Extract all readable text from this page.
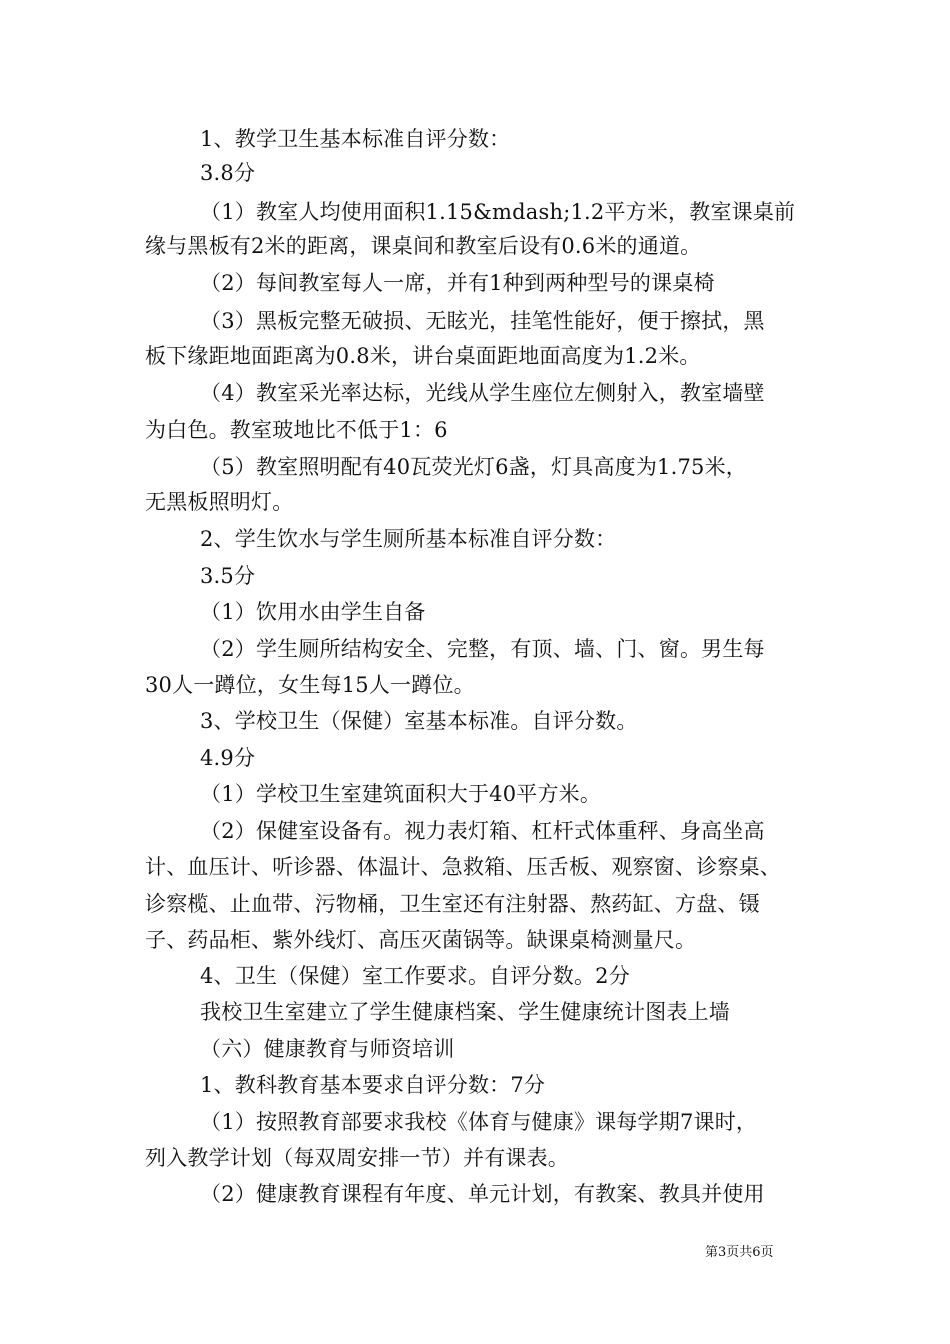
1、教学卫生基本标准自评分数：
3.8分
（1）教室人均使用面积1.15&mdash;1.2平方米，教室课桌前
缘与黑板有2米的距离，课桌间和教室后设有0.6米的通道。
（2）每间教室每人一席，并有1种到两种型号的课桌椅
（3）黑板完整无破损、无眩光，挂笔性能好，便于擦拭，黑
板下缘距地面距离为0.8米，讲台桌面距地面高度为1.2米。
（4）教室采光率达标，光线从学生座位左侧射入，教室墙壁
为白色。教室玻地比不低于1：6
（5）教室照明配有40瓦荧光灯6盏，灯具高度为1.75米，
无黑板照明灯。
2、学生饮水与学生厕所基本标准自评分数：
3.5分
（1）饮用水由学生自备
（2）学生厕所结构安全、完整，有顶、墙、门、窗。男生每
30人一蹲位，女生每15人一蹲位。
3、学校卫生（保健）室基本标准。自评分数。
4.9分
（1）学校卫生室建筑面积大于40平方米。
（2）保健室设备有。视力表灯箱、杠杆式体重秤、身高坐高
计、血压计、听诊器、体温计、急救箱、压舌板、观察窗、诊察桌、
诊察榄、止血带、污物桶，卫生室还有注射器、熬药缸、方盘、镊
子、药品柜、紫外线灯、高压灭菌锅等。缺课桌椅测量尺。
4、卫生（保健）室工作要求。自评分数。2分
我校卫生室建立了学生健康档案、学生健康统计图表上墙
（六）健康教育与师资培训
1、教科教育基本要求自评分数：7分
（1）按照教育部要求我校《体育与健康》课每学期7课时，
列入教学计划（每双周安排一节）并有课表。
（2）健康教育课程有年度、单元计划，有教案、教具并使用
第3页共6页
